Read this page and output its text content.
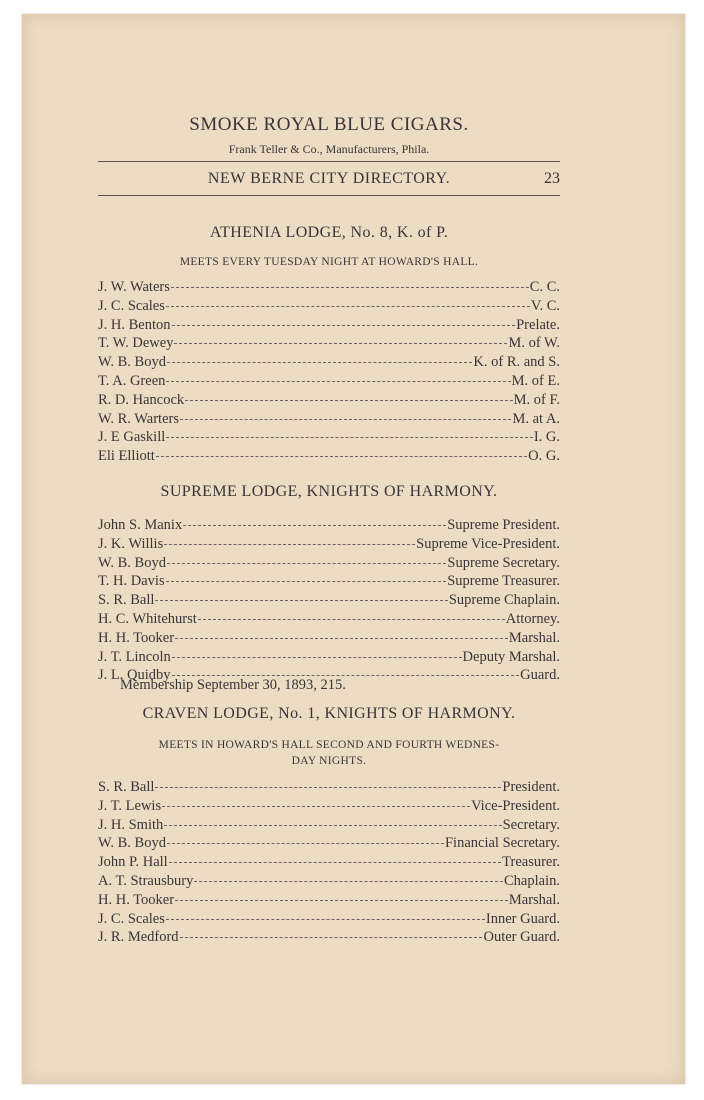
SMOKE ROYAL BLUE CIGARS.
Frank Teller & Co., Manufacturers, Phila.
NEW BERNE CITY DIRECTORY.	23
ATHENIA LODGE, No. 8, K. of P.
MEETS EVERY TUESDAY NIGHT AT HOWARD'S HALL.
J. W. Waters	C. C.
J. C. Scales	V. C.
J. H. Benton	Prelate.
T. W. Dewey	M. of W.
W. B. Boyd	K. of R. and S.
T. A. Green	M. of E.
R. D. Hancock	M. of F.
W. R. Warters	M. at A.
J. E Gaskill	I. G.
Eli Elliott	O. G.
SUPREME LODGE, KNIGHTS OF HARMONY.
John S. Manix	Supreme President.
J. K. Willis	Supreme Vice-President.
W. B. Boyd	Supreme Secretary.
T. H. Davis	Supreme Treasurer.
S. R. Ball	Supreme Chaplain.
H. C. Whitehurst	Attorney.
H. H. Tooker	Marshal.
J. T. Lincoln	Deputy Marshal.
J. L. Quidby	Guard.
Membership September 30, 1893, 215.
CRAVEN LODGE, No. 1, KNIGHTS OF HARMONY.
MEETS IN HOWARD'S HALL SECOND AND FOURTH WEDNES-
DAY NIGHTS.
S. R. Ball	President.
J. T. Lewis	Vice-President.
J. H. Smith	Secretary.
W. B. Boyd	Financial Secretary.
John P. Hall	Treasurer.
A. T. Strausbury	Chaplain.
H. H. Tooker	Marshal.
J. C. Scales	Inner Guard.
J. R. Medford	Outer Guard.
